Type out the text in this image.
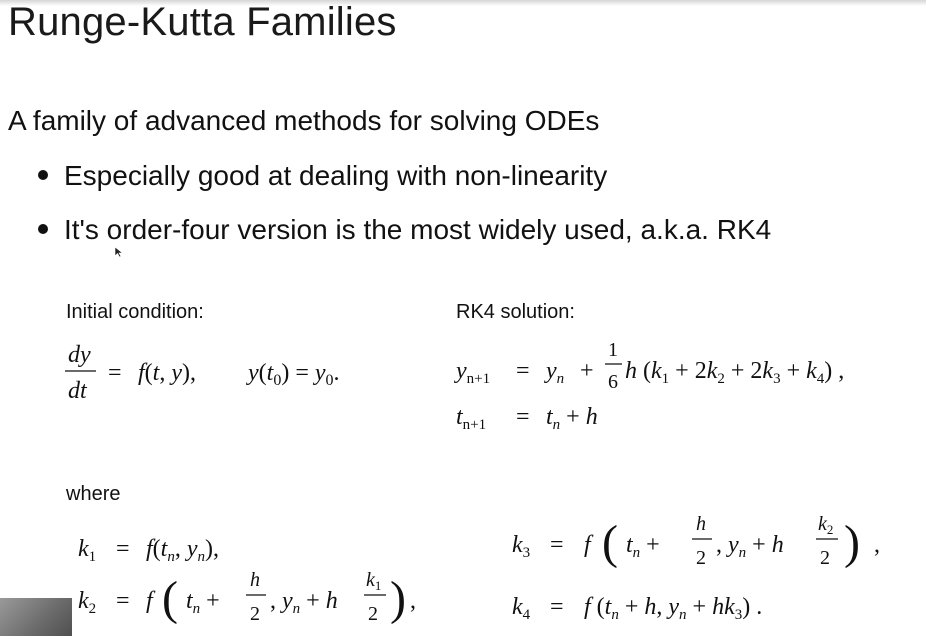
Runge-Kutta Families
A family of advanced methods for solving ODEs
Especially good at dealing with non-linearity
It's order-four version is the most widely used, a.k.a. RK4
Initial condition:	RK4 solution:
where
dy
dt
= f(t, y), $y(t_0) = y_0$.	$y_{n+1} = y_n$ +
1
6 h $(k_1 + 2k_2 + 2k_3 + k_4)$ ,
$t_{n+1} = t_n + h$
$k_1 = f(t_n$, $y_n$),
$k_2 = f$ ( $t_n$ +
h
2 , $y_n + h$
$k_1$
2 ) ,
$k_3 = f$ ( $t_n$ +
h
2 , $y_n + h$
$k_2$
2 ) ,
$k_4 = f$ ($t_n + h$, $y_n + hk_3$) .
